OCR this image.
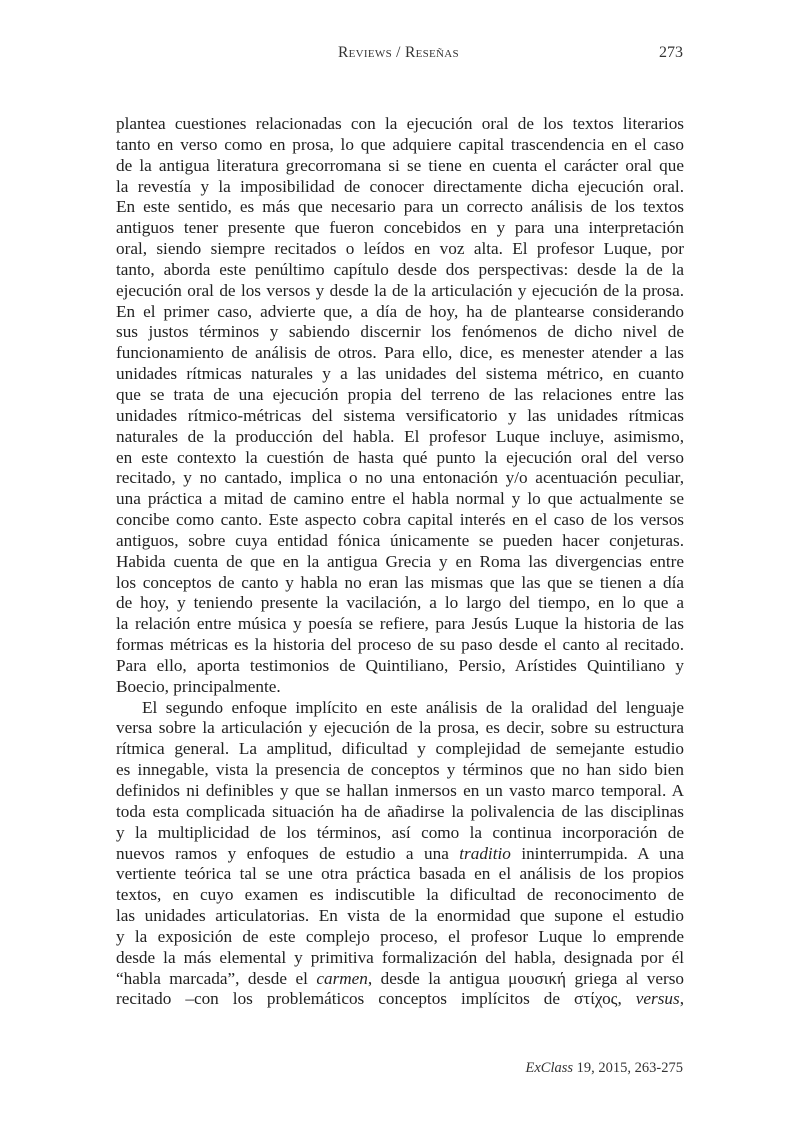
Reviews / Reseñas	273
plantea cuestiones relacionadas con la ejecución oral de los textos literarios
tanto en verso como en prosa, lo que adquiere capital trascendencia en el caso
de la antigua literatura grecorromana si se tiene en cuenta el carácter oral que
la revestía y la imposibilidad de conocer directamente dicha ejecución oral.
En este sentido, es más que necesario para un correcto análisis de los textos
antiguos tener presente que fueron concebidos en y para una interpretación
oral, siendo siempre recitados o leídos en voz alta. El profesor Luque, por
tanto, aborda este penúltimo capítulo desde dos perspectivas: desde la de la
ejecución oral de los versos y desde la de la articulación y ejecución de la prosa.
En el primer caso, advierte que, a día de hoy, ha de plantearse considerando
sus justos términos y sabiendo discernir los fenómenos de dicho nivel de
funcionamiento de análisis de otros. Para ello, dice, es menester atender a las
unidades rítmicas naturales y a las unidades del sistema métrico, en cuanto
que se trata de una ejecución propia del terreno de las relaciones entre las
unidades rítmico-métricas del sistema versificatorio y las unidades rítmicas
naturales de la producción del habla. El profesor Luque incluye, asimismo,
en este contexto la cuestión de hasta qué punto la ejecución oral del verso
recitado, y no cantado, implica o no una entonación y/o acentuación peculiar,
una práctica a mitad de camino entre el habla normal y lo que actualmente se
concibe como canto. Este aspecto cobra capital interés en el caso de los versos
antiguos, sobre cuya entidad fónica únicamente se pueden hacer conjeturas.
Habida cuenta de que en la antigua Grecia y en Roma las divergencias entre
los conceptos de canto y habla no eran las mismas que las que se tienen a día
de hoy, y teniendo presente la vacilación, a lo largo del tiempo, en lo que a
la relación entre música y poesía se refiere, para Jesús Luque la historia de las
formas métricas es la historia del proceso de su paso desde el canto al recitado.
Para ello, aporta testimonios de Quintiliano, Persio, Arístides Quintiliano y
Boecio, principalmente.
El segundo enfoque implícito en este análisis de la oralidad del lenguaje
versa sobre la articulación y ejecución de la prosa, es decir, sobre su estructura
rítmica general. La amplitud, dificultad y complejidad de semejante estudio
es innegable, vista la presencia de conceptos y términos que no han sido bien
definidos ni definibles y que se hallan inmersos en un vasto marco temporal. A
toda esta complicada situación ha de añadirse la polivalencia de las disciplinas
y la multiplicidad de los términos, así como la continua incorporación de
nuevos ramos y enfoques de estudio a una traditio ininterrumpida. A una
vertiente teórica tal se une otra práctica basada en el análisis de los propios
textos, en cuyo examen es indiscutible la dificultad de reconocimento de
las unidades articulatorias. En vista de la enormidad que supone el estudio
y la exposición de este complejo proceso, el profesor Luque lo emprende
desde la más elemental y primitiva formalización del habla, designada por él
“habla marcada”, desde el carmen, desde la antigua μουσική griega al verso
recitado –con los problemáticos conceptos implícitos de στίχος, versus,
ExClass 19, 2015, 263-275
